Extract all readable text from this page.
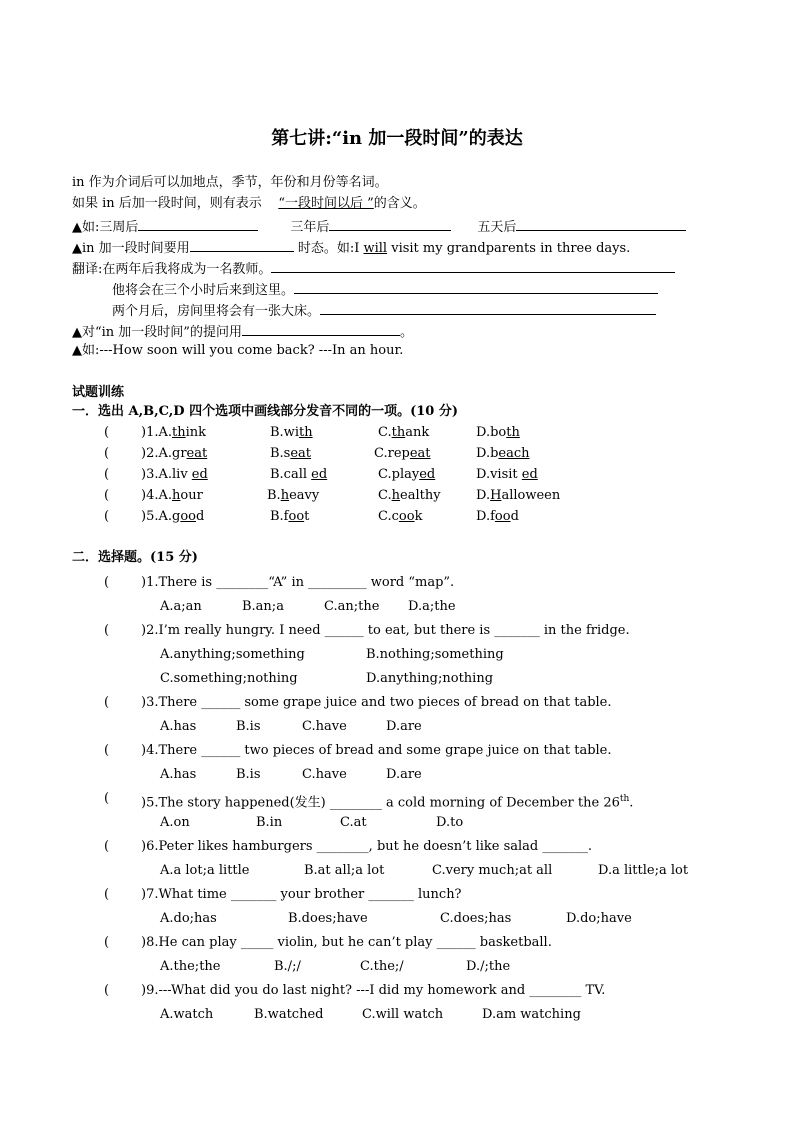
第七讲:“in 加一段时间”的表达
in 作为介词后可以加地点，季节，年份和月份等名词。
如果 in 后加一段时间，则有表示 “一段时间以后 ”的含义。
▲如:三周后	三年后	五天后
▲in 加一段时间要用	时态。如:I will visit my grandparents in three days.
翻译:在两年后我将成为一名教师。
他将会在三个小时后来到这里。
两个月后，房间里将会有一张大床。
▲对“in 加一段时间”的提问用	。
▲如:---How soon will you come back? ---In an hour.
试题训练
一．选出 A,B,C,D 四个选项中画线部分发音不同的一项。(10 分)
( )1.A.think	B.with	C.thank	D.both
( )2.A.great	B.seat	C.repeat	D.beach
( )3.A.liv ed	B.call ed	C.played	D.visit ed
( )4.A.hour	B.heavy	C.healthy	D.Halloween
( )5.A.good	B.foot	C.cook	D.food
二．选择题。(15 分)
( )1.There is ________“A” in _________ word “map”.
A.a;an	B.an;a	C.an;the D.a;the
( )2.I’m really hungry. I need ______ to eat, but there is _______ in the fridge.
A.anything;something	B.nothing;something
C.something;nothing	D.anything;nothing
( )3.There ______ some grape juice and two pieces of bread on that table.
A.has	B.is	C.have	D.are
( )4.There ______ two pieces of bread and some grape juice on that table.
A.has	B.is	C.have	D.are
( )5.The story happened(发生) ________ a cold morning of December the 26th.
A.on	B.in	C.at	D.to
( )6.Peter likes hamburgers ________, but he doesn’t like salad _______.
A.a lot;a little	B.at all;a lot	C.very much;at all	D.a little;a lot
( )7.What time _______ your brother _______ lunch?
A.do;has	B.does;have	C.does;has	D.do;have
( )8.He can play _____ violin, but he can’t play ______ basketball.
A.the;the	B./;/	C.the;/	D./;the
( )9.---What did you do last night? ---I did my homework and ________ TV.
A.watch	B.watched	C.will watch	D.am watching
